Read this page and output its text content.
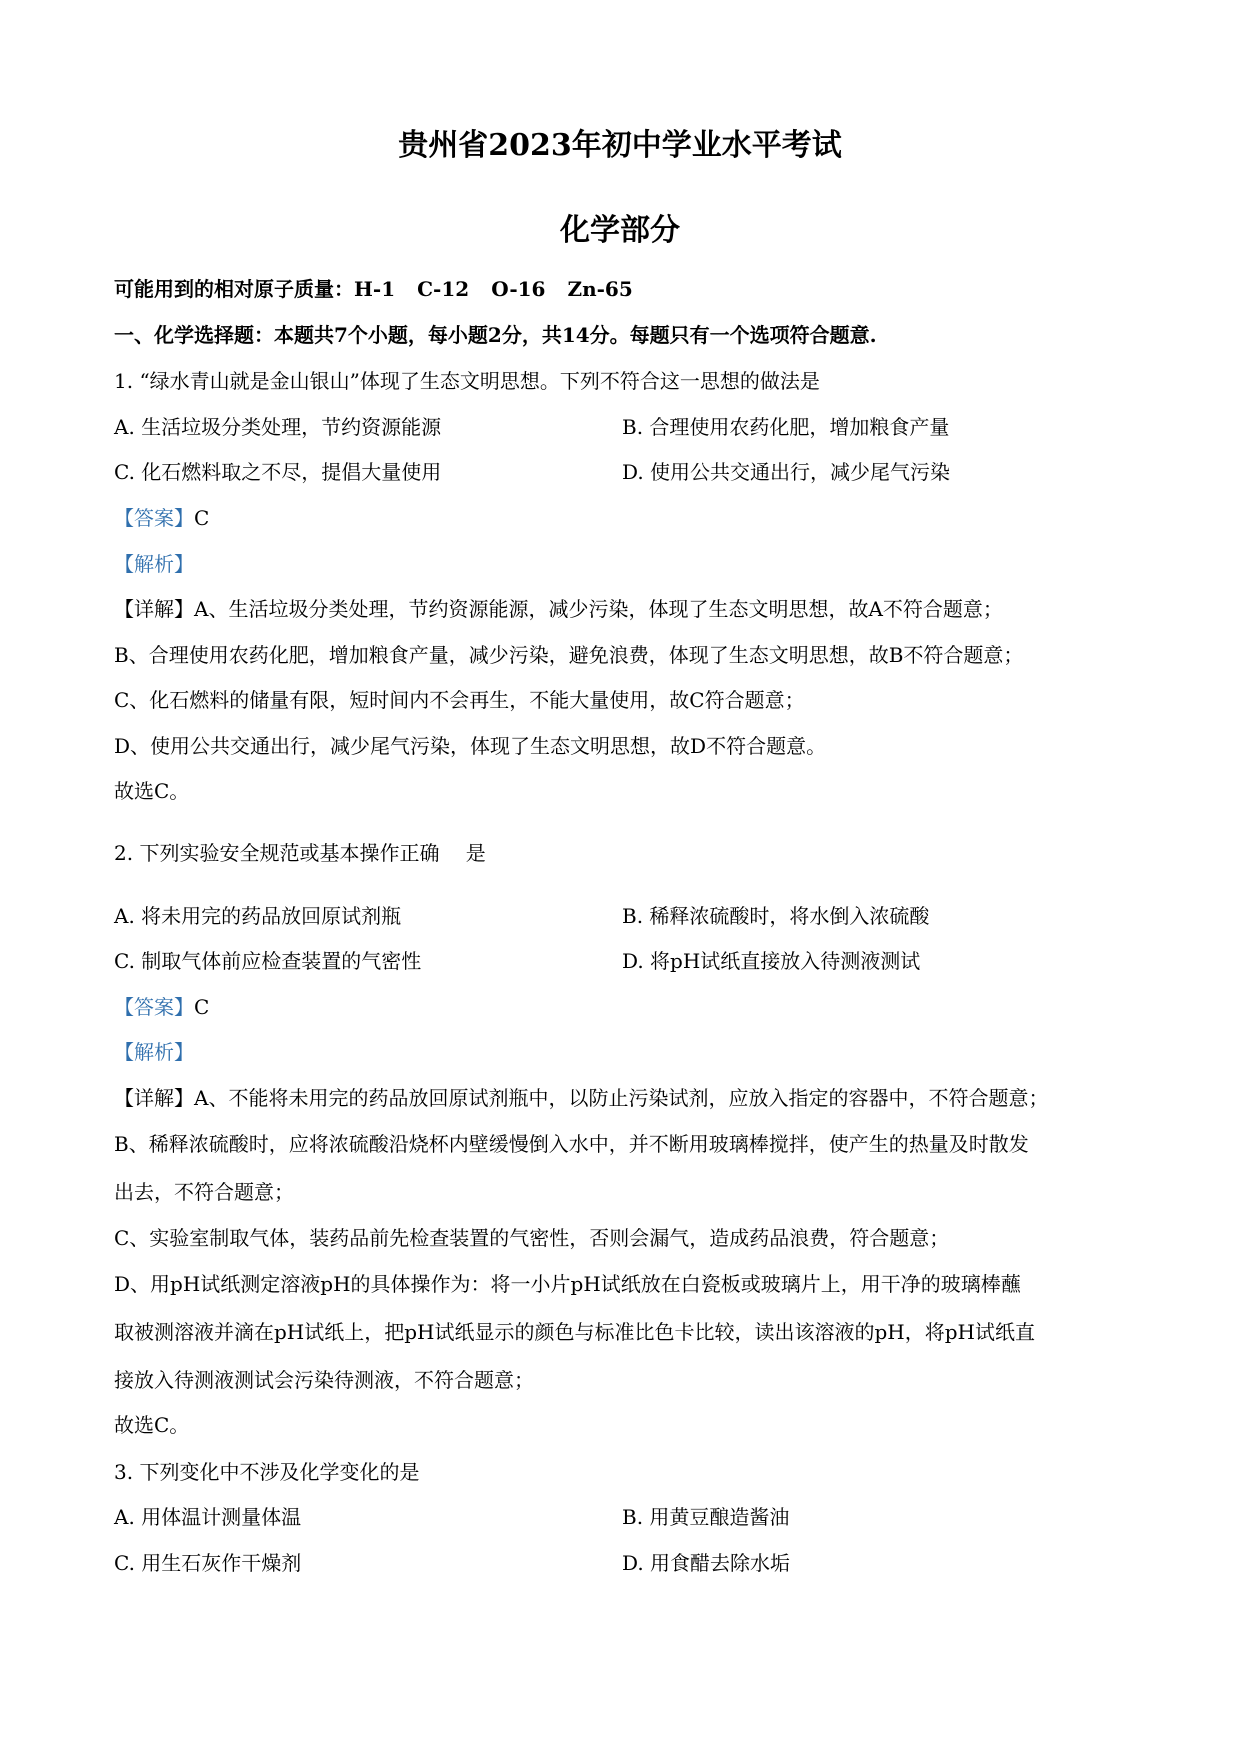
贵州省2023年初中学业水平考试
化学部分
可能用到的相对原子质量：H-1 C-12 O-16 Zn-65
一、化学选择题：本题共7个小题，每小题2分，共14分。每题只有一个选项符合题意.
1. “绿水青山就是金山银山”体现了生态文明思想。下列不符合这一思想的做法是
A. 生活垃圾分类处理，节约资源能源	B. 合理使用农药化肥，增加粮食产量
C. 化石燃料取之不尽，提倡大量使用	D. 使用公共交通出行，减少尾气污染
【答案】C
【解析】
【详解】A、生活垃圾分类处理，节约资源能源，减少污染，体现了生态文明思想，故A不符合题意；
B、合理使用农药化肥，增加粮食产量，减少污染，避免浪费，体现了生态文明思想，故B不符合题意；
C、化石燃料的储量有限，短时间内不会再生，不能大量使用，故C符合题意；
D、使用公共交通出行，减少尾气污染，体现了生态文明思想，故D不符合题意。
故选C。
2. 下列实验安全规范或基本操作正确　 是
A. 将未用完的药品放回原试剂瓶	B. 稀释浓硫酸时，将水倒入浓硫酸
C. 制取气体前应检查装置的气密性	D. 将pH试纸直接放入待测液测试
【答案】C
【解析】
【详解】A、不能将未用完的药品放回原试剂瓶中，以防止污染试剂，应放入指定的容器中，不符合题意；
B、稀释浓硫酸时，应将浓硫酸沿烧杯内壁缓慢倒入水中，并不断用玻璃棒搅拌，使产生的热量及时散发
出去，不符合题意；
C、实验室制取气体，装药品前先检查装置的气密性，否则会漏气，造成药品浪费，符合题意；
D、用pH试纸测定溶液pH的具体操作为：将一小片pH试纸放在白瓷板或玻璃片上，用干净的玻璃棒蘸
取被测溶液并滴在pH试纸上，把pH试纸显示的颜色与标准比色卡比较，读出该溶液的pH，将pH试纸直
接放入待测液测试会污染待测液，不符合题意；
故选C。
3. 下列变化中不涉及化学变化的是
A. 用体温计测量体温	B. 用黄豆酿造酱油
C. 用生石灰作干燥剂	D. 用食醋去除水垢
